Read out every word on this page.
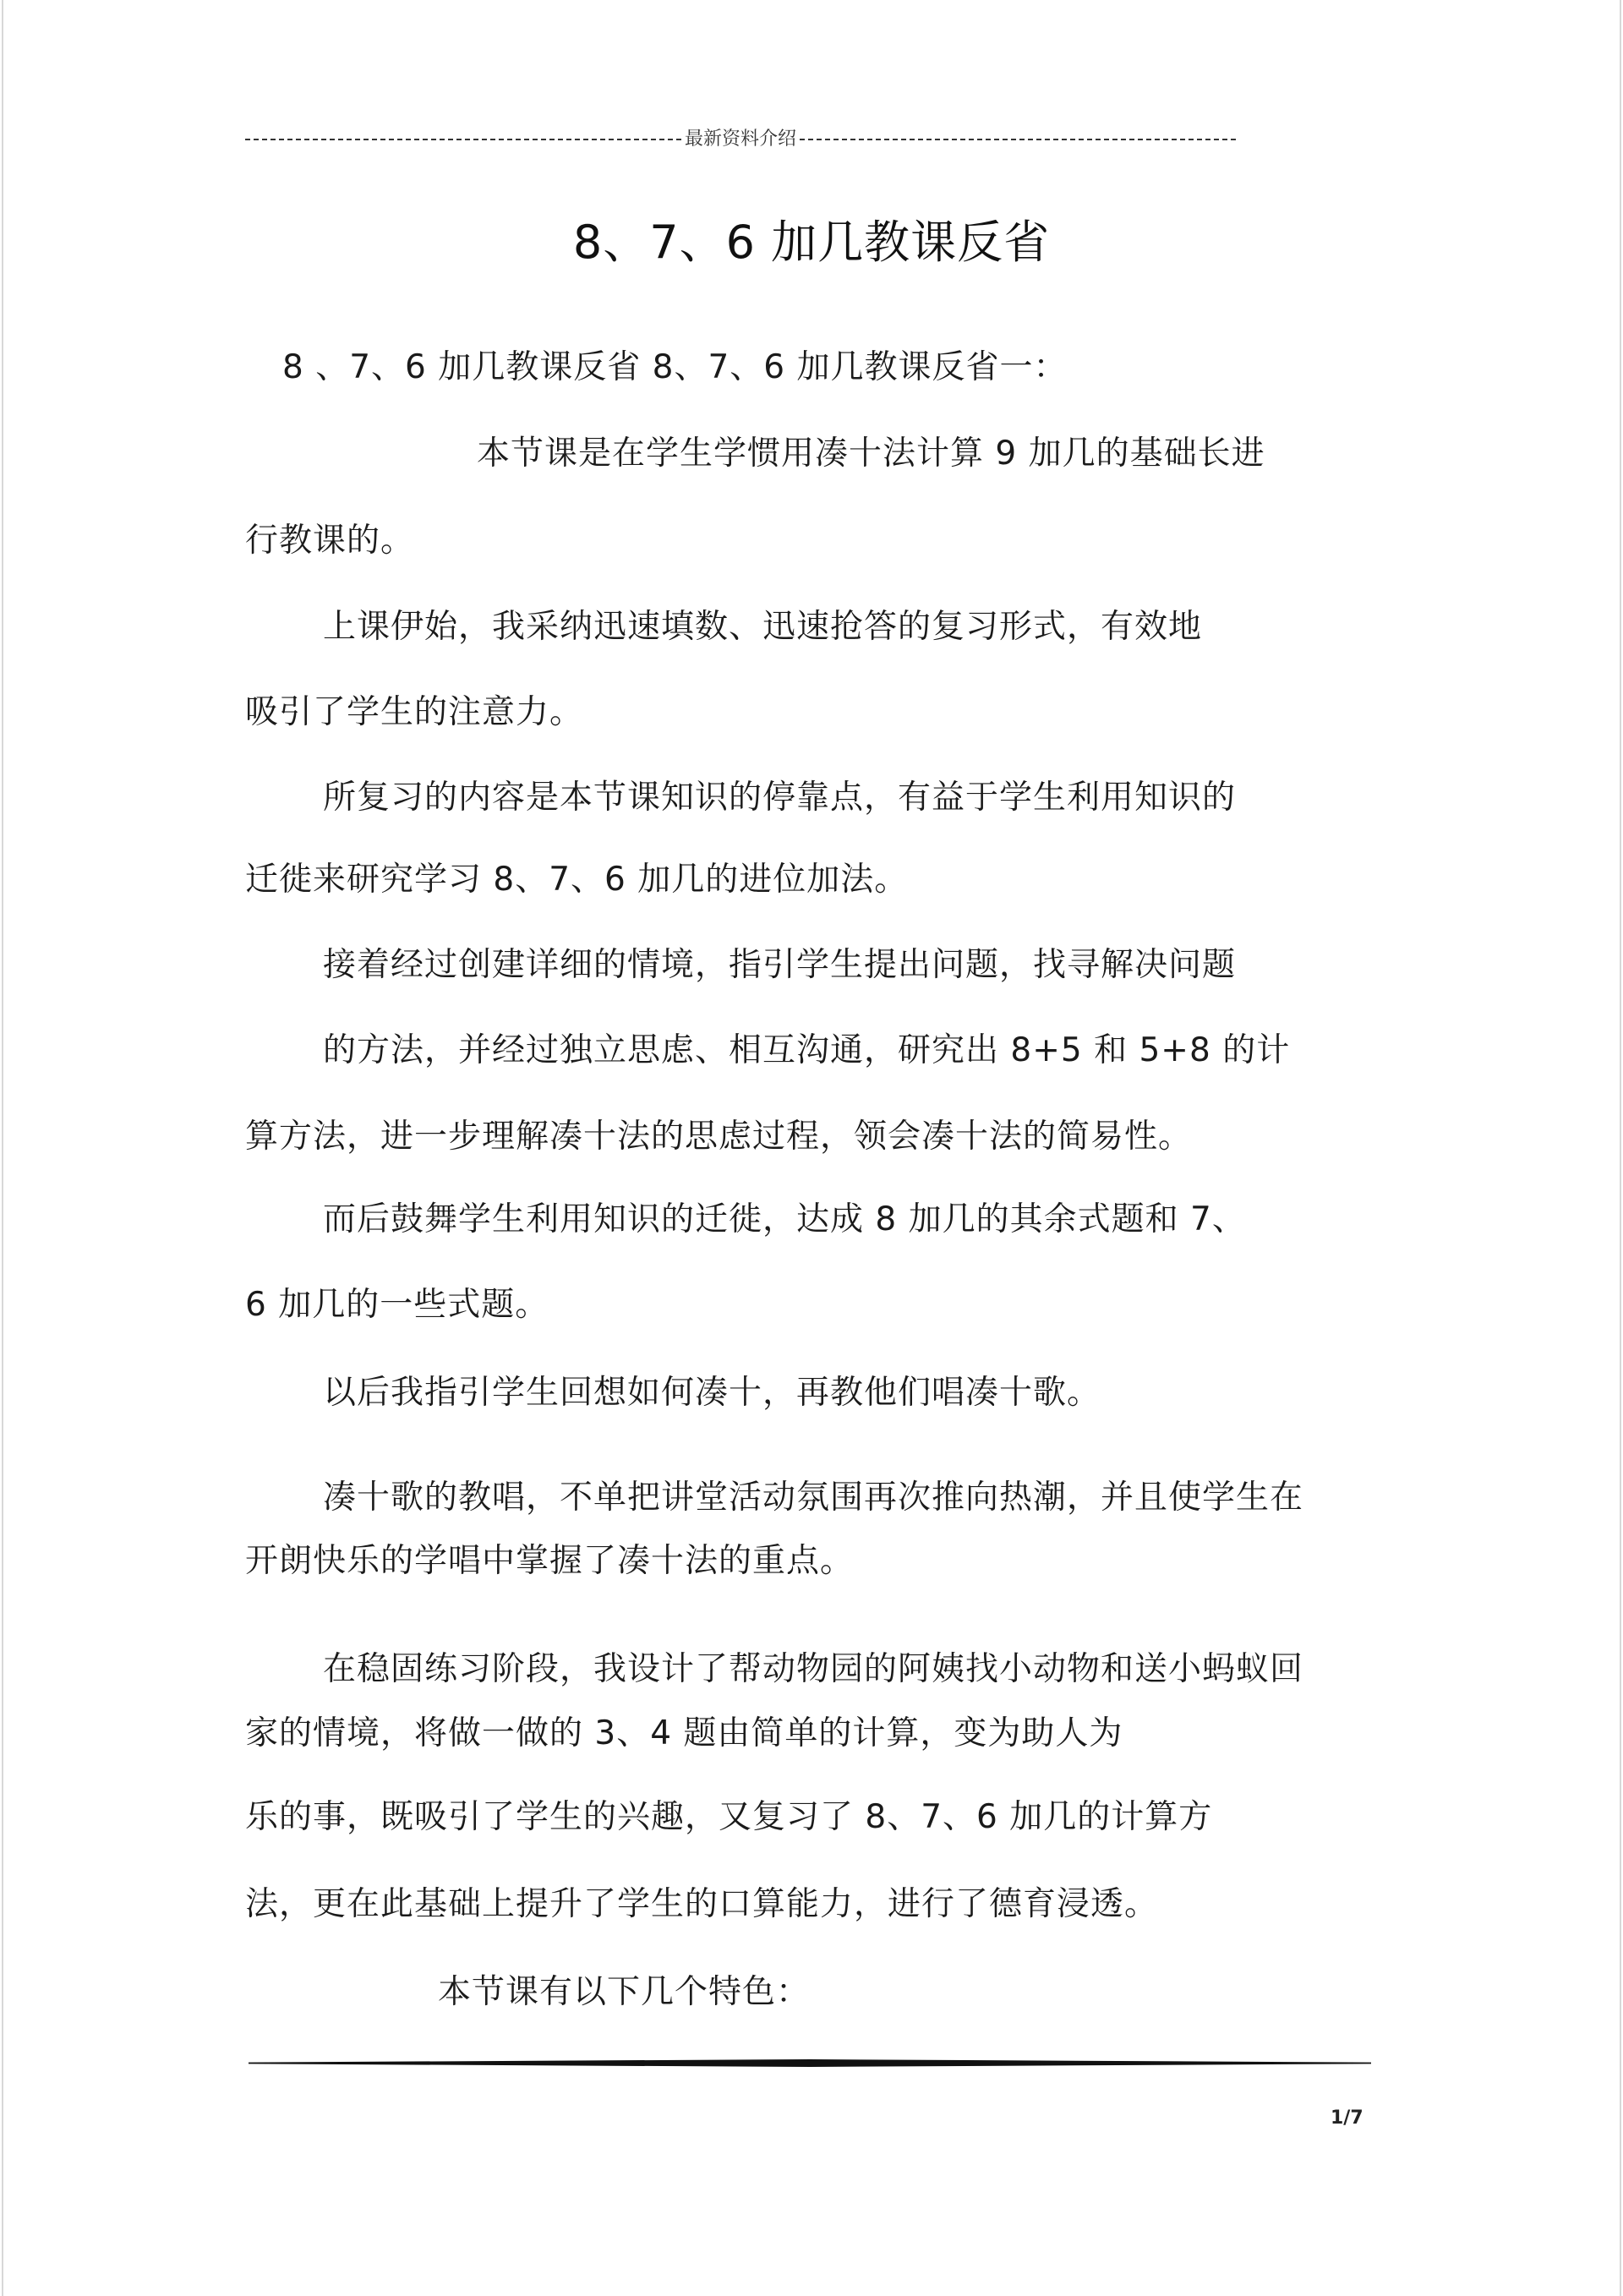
最新资料介绍
8、7、6 加几教课反省
8 、7、6 加几教课反省 8、7、6 加几教课反省一：
本节课是在学生学惯用凑十法计算 9 加几的基础长进
行教课的。
上课伊始，我采纳迅速填数、迅速抢答的复习形式，有效地
吸引了学生的注意力。
所复习的内容是本节课知识的停靠点，有益于学生利用知识的
迁徙来研究学习 8、7、6 加几的进位加法。
接着经过创建详细的情境，指引学生提出问题，找寻解决问题
的方法，并经过独立思虑、相互沟通，研究出 8+5 和 5+8 的计
算方法，进一步理解凑十法的思虑过程，领会凑十法的简易性。
而后鼓舞学生利用知识的迁徙，达成 8 加几的其余式题和 7、
6 加几的一些式题。
以后我指引学生回想如何凑十，再教他们唱凑十歌。
凑十歌的教唱，不单把讲堂活动氛围再次推向热潮，并且使学生在
开朗快乐的学唱中掌握了凑十法的重点。
在稳固练习阶段，我设计了帮动物园的阿姨找小动物和送小蚂蚁回
家的情境，将做一做的 3、4 题由简单的计算，变为助人为
乐的事，既吸引了学生的兴趣，又复习了 8、7、6 加几的计算方
法，更在此基础上提升了学生的口算能力，进行了德育浸透。
本节课有以下几个特色：
1/7
